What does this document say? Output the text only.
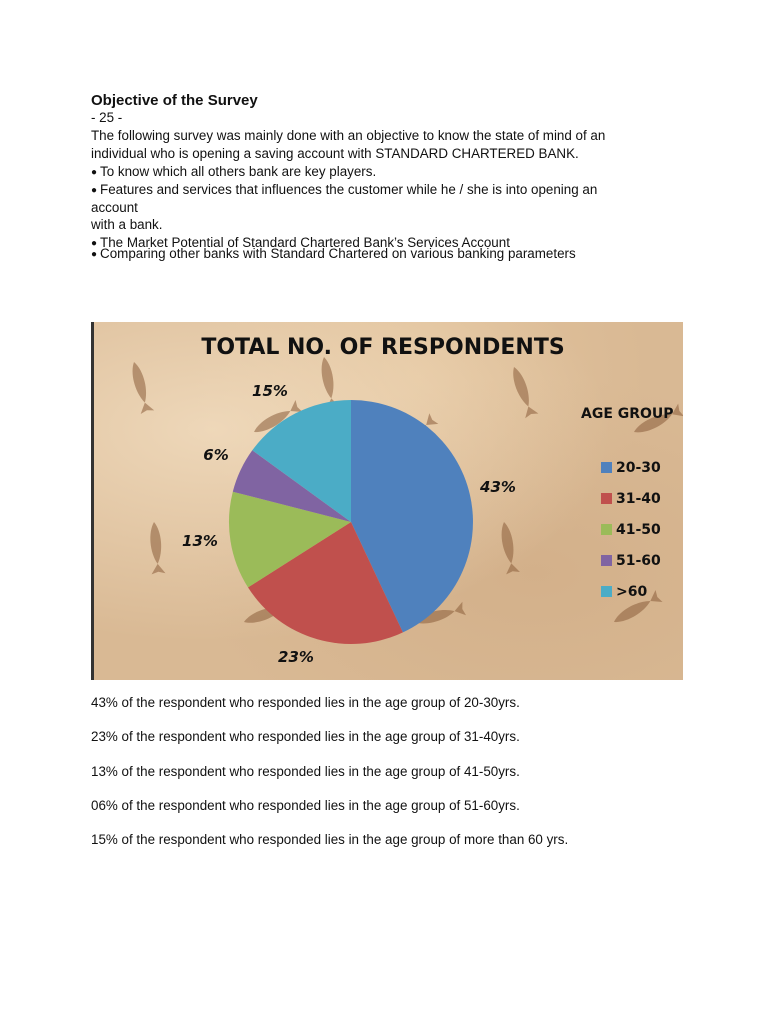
Objective of the Survey
- 25 -
The following survey was mainly done with an objective to know the state of mind of an
individual who is opening a saving account with STANDARD CHARTERED BANK.
● To know which all others bank are key players.
● Features and services that influences the customer while he / she is into opening an
account
with a bank.
● The Market Potential of Standard Chartered Bank’s Services Account
● Comparing other banks with Standard Chartered on various banking parameters
TOTAL NO. OF RESPONDENTS
43%
23%
13%
6%
15%
AGE GROUP
20-30
31-40
41-50
51-60
>60
43% of the respondent who responded lies in the age group of 20-30yrs.
23% of the respondent who responded lies in the age group of 31-40yrs.
13% of the respondent who responded lies in the age group of 41-50yrs.
06% of the respondent who responded lies in the age group of 51-60yrs.
15% of the respondent who responded lies in the age group of more than 60 yrs.
